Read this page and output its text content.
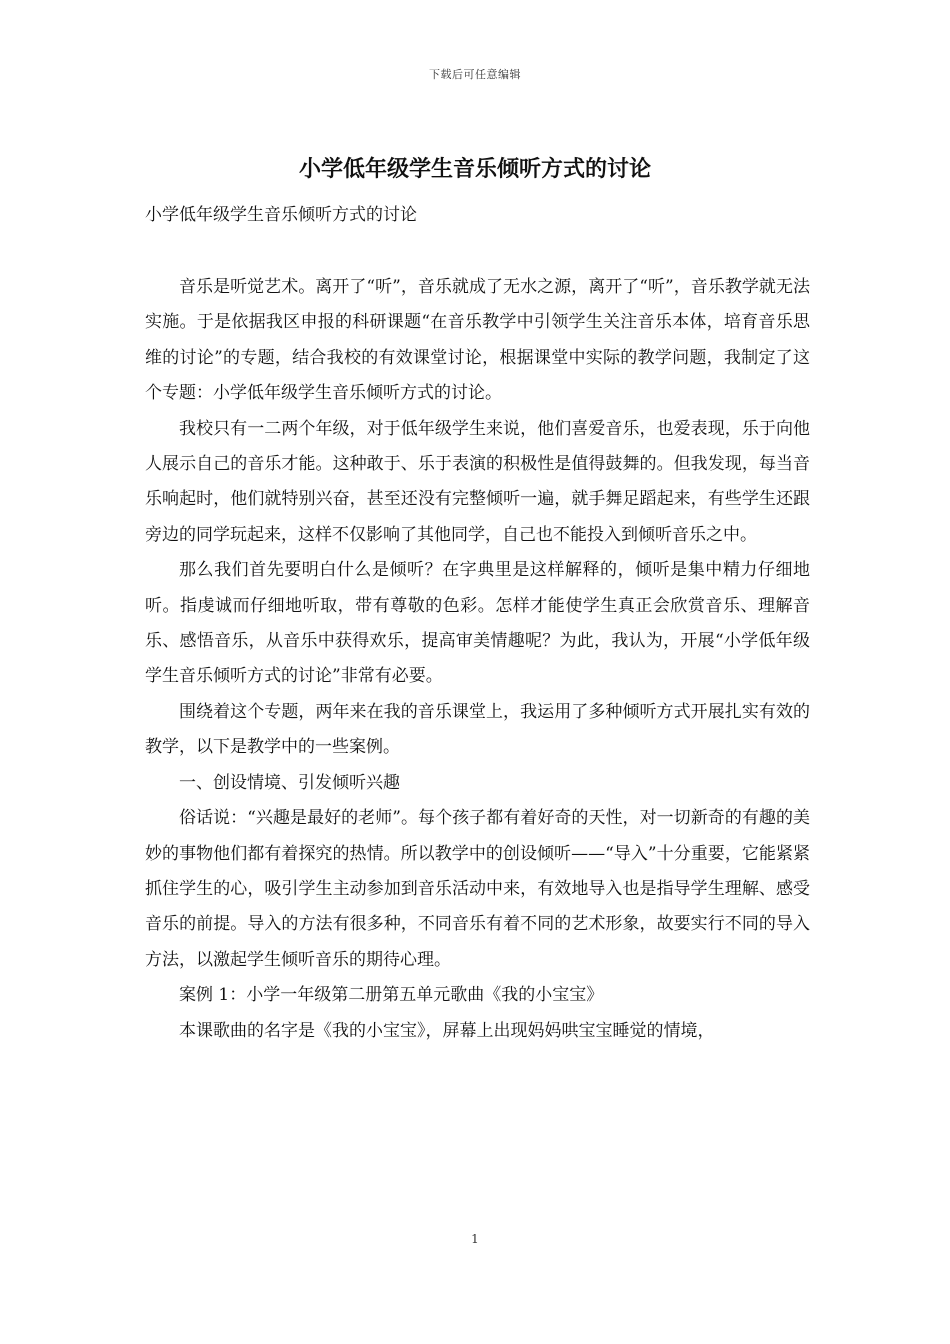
下载后可任意编辑
小学低年级学生音乐倾听方式的讨论

小学低年级学生音乐倾听方式的讨论

音乐是听觉艺术。离开了“听”，音乐就成了无水之源，离开了“听”，音乐教学就无法实施。于是依据我区申报的科研课题“在音乐教学中引领学生关注音乐本体，培育音乐思维的讨论”的专题，结合我校的有效课堂讨论，根据课堂中实际的教学问题，我制定了这个专题：小学低年级学生音乐倾听方式的讨论。

我校只有一二两个年级，对于低年级学生来说，他们喜爱音乐，也爱表现，乐于向他人展示自己的音乐才能。这种敢于、乐于表演的积极性是值得鼓舞的。但我发现，每当音乐响起时，他们就特别兴奋，甚至还没有完整倾听一遍，就手舞足蹈起来，有些学生还跟旁边的同学玩起来，这样不仅影响了其他同学，自己也不能投入到倾听音乐之中。

那么我们首先要明白什么是倾听？在字典里是这样解释的，倾听是集中精力仔细地听。指虔诚而仔细地听取，带有尊敬的色彩。怎样才能使学生真正会欣赏音乐、理解音乐、感悟音乐，从音乐中获得欢乐，提高审美情趣呢？为此，我认为，开展“小学低年级学生音乐倾听方式的讨论”非常有必要。

围绕着这个专题，两年来在我的音乐课堂上，我运用了多种倾听方式开展扎实有效的教学，以下是教学中的一些案例。

一、创设情境、引发倾听兴趣

俗话说：“兴趣是最好的老师”。每个孩子都有着好奇的天性，对一切新奇的有趣的美妙的事物他们都有着探究的热情。所以教学中的创设倾听——“导入”十分重要，它能紧紧抓住学生的心，吸引学生主动参加到音乐活动中来，有效地导入也是指导学生理解、感受音乐的前提。导入的方法有很多种，不同音乐有着不同的艺术形象，故要实行不同的导入方法，以激起学生倾听音乐的期待心理。

案例 1：小学一年级第二册第五单元歌曲《我的小宝宝》

本课歌曲的名字是《我的小宝宝》，屏幕上出现妈妈哄宝宝睡觉的情境，

1
